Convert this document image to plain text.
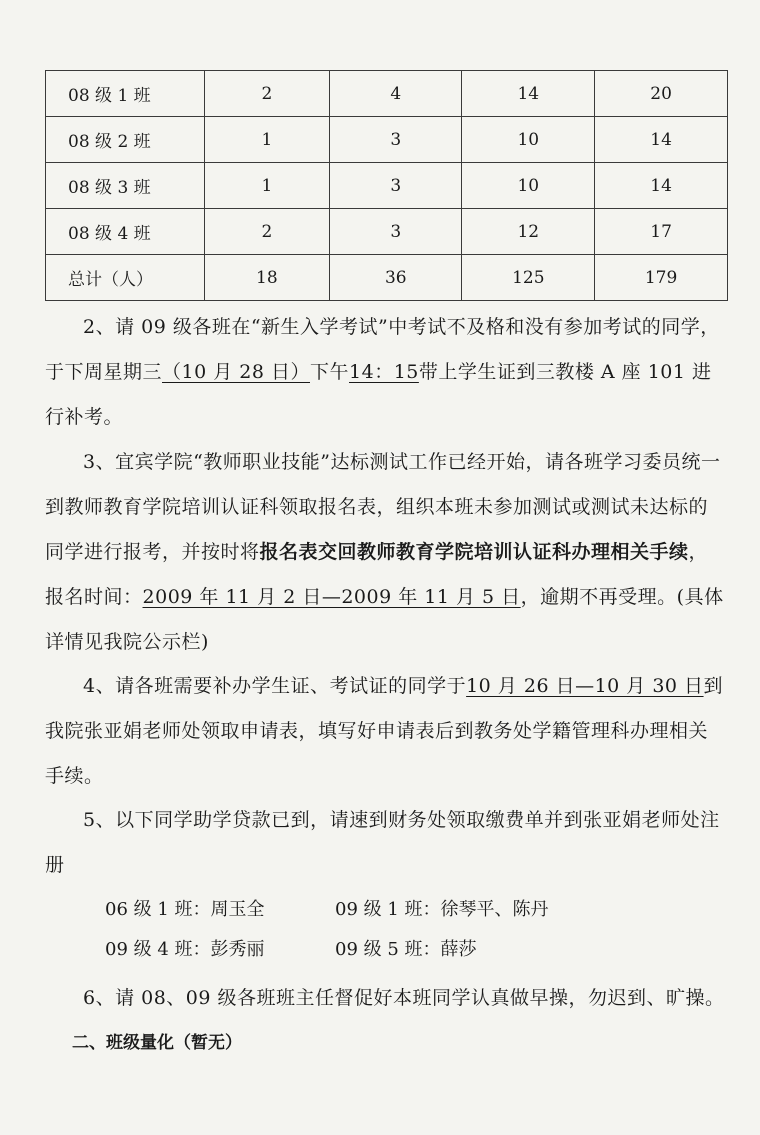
08 级 1 班	2	4	14	20
08 级 2 班	1	3	10	14
08 级 3 班	1	3	10	14
08 级 4 班	2	3	12	17
总计（人）	18	36	125	179

2、请 09 级各班在“新生入学考试”中考试不及格和没有参加考试的同学，于下周星期三（10 月 28 日）下午14：15带上学生证到三教楼 A 座 101 进行补考。

3、宜宾学院“教师职业技能”达标测试工作已经开始，请各班学习委员统一到教师教育学院培训认证科领取报名表，组织本班未参加测试或测试未达标的同学进行报考，并按时将报名表交回教师教育学院培训认证科办理相关手续，报名时间：2009 年 11 月 2 日—2009 年 11 月 5 日，逾期不再受理。(具体详情见我院公示栏)

4、请各班需要补办学生证、考试证的同学于10 月 26 日—10 月 30 日到我院张亚娟老师处领取申请表，填写好申请表后到教务处学籍管理科办理相关手续。

5、以下同学助学贷款已到，请速到财务处领取缴费单并到张亚娟老师处注册

06 级 1 班：周玉全	09 级 1 班：徐琴平、陈丹
09 级 4 班：彭秀丽	09 级 5 班：薛莎

6、请 08、09 级各班班主任督促好本班同学认真做早操，勿迟到、旷操。

二、班级量化（暂无）
